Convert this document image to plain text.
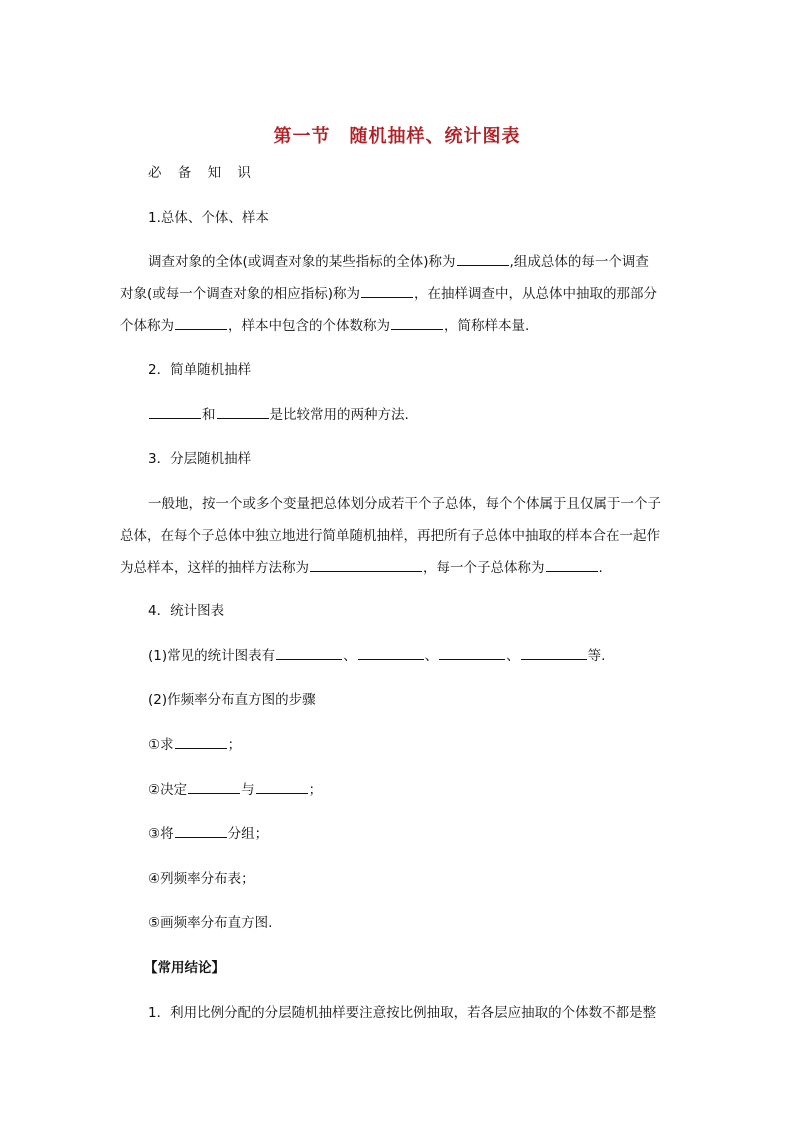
第一节　随机抽样、统计图表
必 备 知 识
1.总体、个体、样本
调查对象的全体(或调查对象的某些指标的全体)称为	,组成总体的每一个调查
对象(或每一个调查对象的相应指标)称为	，在抽样调查中，从总体中抽取的那部分
个体称为	，样本中包含的个体数称为	，简称样本量.
2．简单随机抽样
和	是比较常用的两种方法.
3．分层随机抽样
一般地，按一个或多个变量把总体划分成若干个子总体，每个个体属于且仅属于一个子
总体，在每个子总体中独立地进行简单随机抽样，再把所有子总体中抽取的样本合在一起作
为总样本，这样的抽样方法称为	，每一个子总体称为	.
4．统计图表
(1)常见的统计图表有	、	、	、	等.
(2)作频率分布直方图的步骤
①求	；
②决定	与	；
③将	分组；
④列频率分布表；
⑤画频率分布直方图.
【常用结论】
1．利用比例分配的分层随机抽样要注意按比例抽取，若各层应抽取的个体数不都是整
